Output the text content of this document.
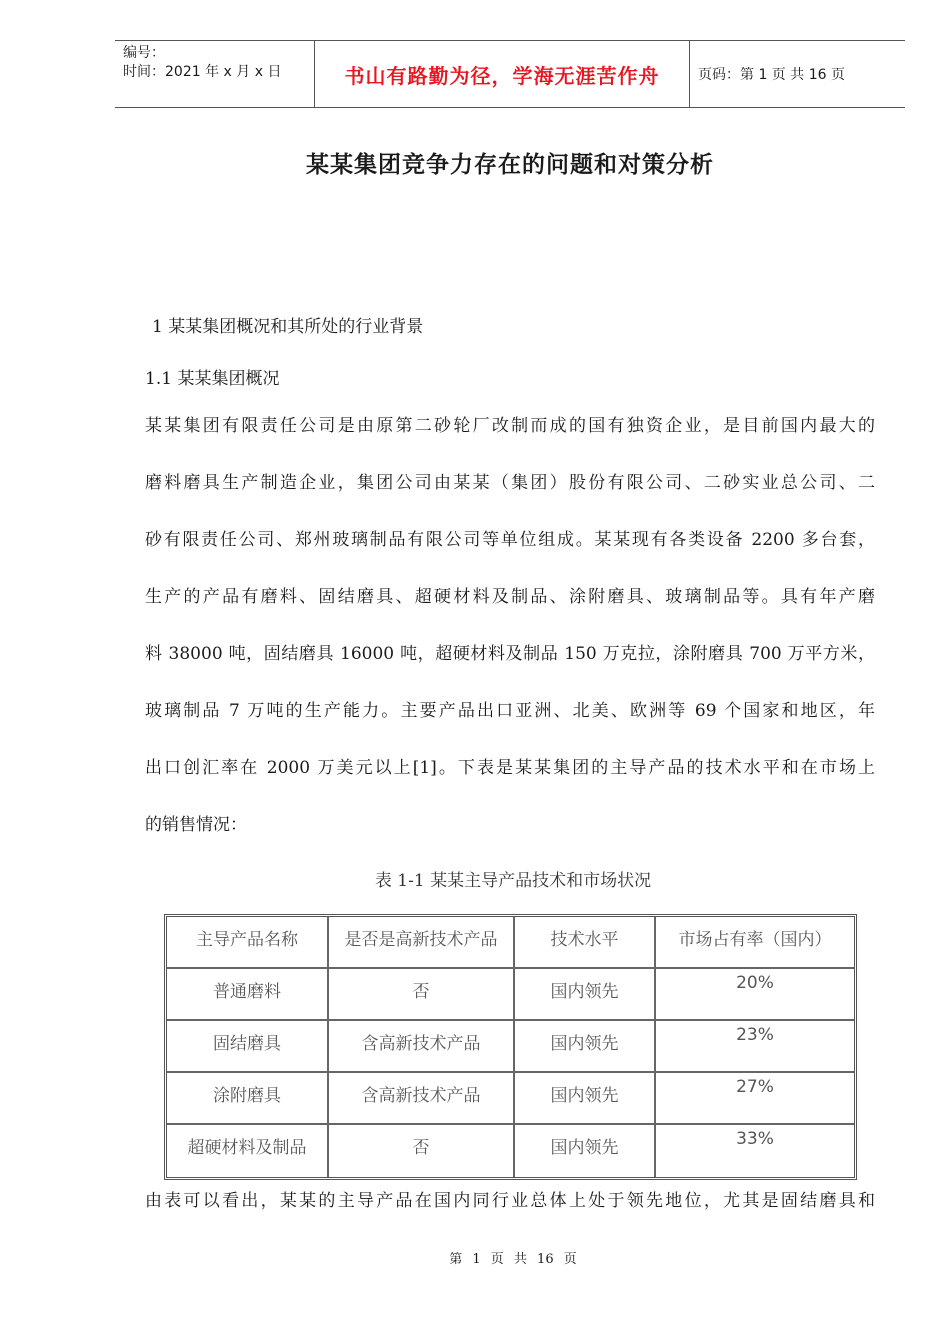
编号：
时间：2021 年 x 月 x 日	书山有路勤为径，学海无涯苦作舟	页码：第 1 页 共 16 页
某某集团竞争力存在的问题和对策分析
1 某某集团概况和其所处的行业背景
1.1 某某集团概况
某某集团有限责任公司是由原第二砂轮厂改制而成的国有独资企业，是目前国内最大的
磨料磨具生产制造企业，集团公司由某某（集团）股份有限公司、二砂实业总公司、二
砂有限责任公司、郑州玻璃制品有限公司等单位组成。某某现有各类设备 2200 多台套，
生产的产品有磨料、固结磨具、超硬材料及制品、涂附磨具、玻璃制品等。具有年产磨
料 38000 吨，固结磨具 16000 吨，超硬材料及制品 150 万克拉，涂附磨具 700 万平方米，
玻璃制品 7 万吨的生产能力。主要产品出口亚洲、北美、欧洲等 69 个国家和地区，年
出口创汇率在 2000 万美元以上[1]。下表是某某集团的主导产品的技术水平和在市场上
的销售情况：
表 1-1 某某主导产品技术和市场状况
主导产品名称	是否是高新技术产品	技术水平	市场占有率（国内）
普通磨料	否	国内领先	20%
固结磨具	含高新技术产品	国内领先	23%
涂附磨具	含高新技术产品	国内领先	27%
超硬材料及制品	否	国内领先	33%
由表可以看出，某某的主导产品在国内同行业总体上处于领先地位，尤其是固结磨具和
第 1 页 共 16 页
